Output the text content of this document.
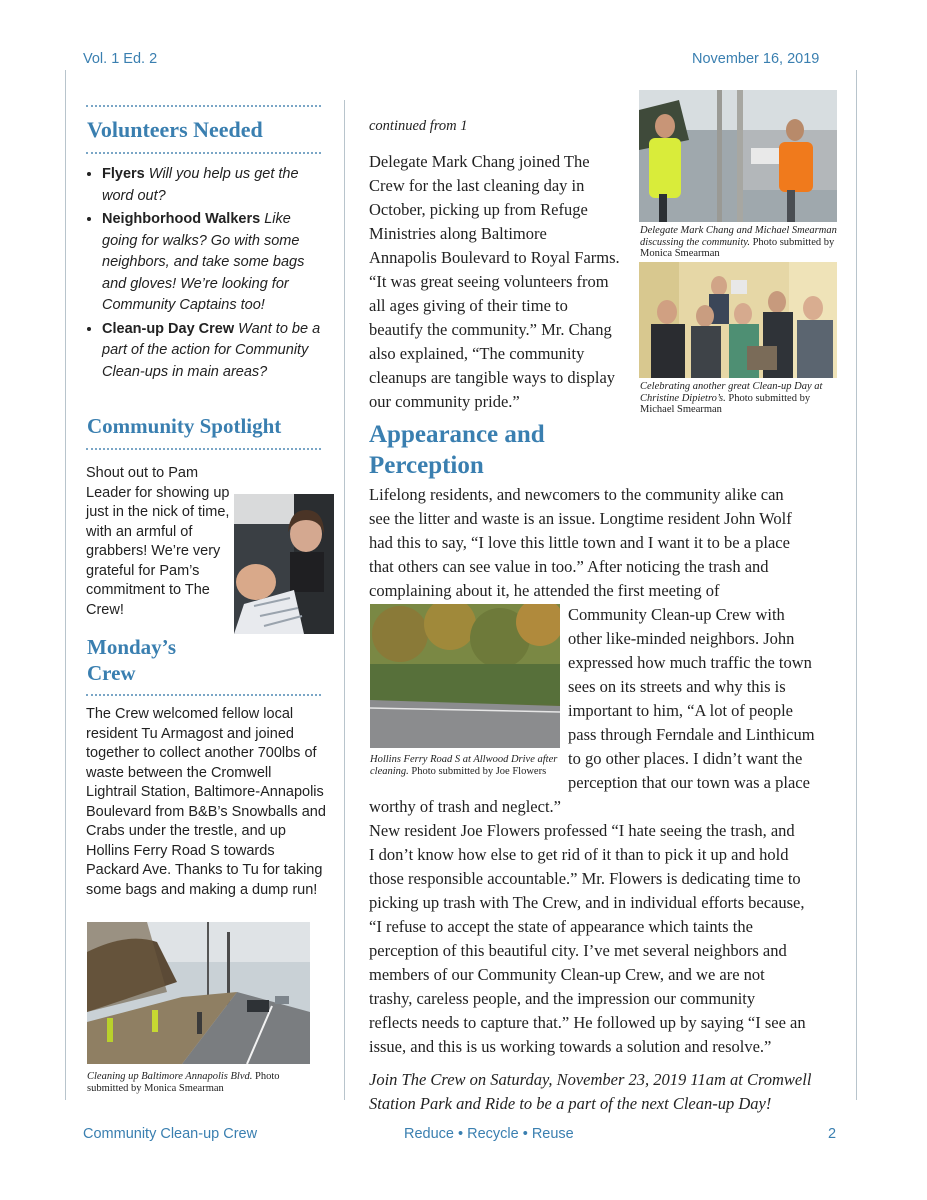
Vol. 1 Ed. 2	November 16, 2019
Volunteers Needed
• Flyers Will you help us get the word out?
• Neighborhood Walkers Like going for walks? Go with some neighbors, and take some bags and gloves! We’re looking for Community Captains too!
• Clean-up Day Crew Want to be a part of the action for Community Clean-ups in main areas?
Community Spotlight

Shout out to Pam Leader for showing up just in the nick of time, with an armful of grabbers! We’re very grateful for Pam’s commitment to The Crew!

Monday’s
Crew

The Crew welcomed fellow local resident Tu Armagost and joined together to collect another 700lbs of waste between the Cromwell Lightrail Station, Baltimore-Annapolis Boulevard from B&B’s Snowballs and Crabs under the trestle, and up Hollins Ferry Road S towards Packard Ave. Thanks to Tu for taking some bags and making a dump run!

Cleaning up Baltimore Annapolis Blvd. Photo submitted by Monica Smearman

continued from 1

Delegate Mark Chang joined The

Crew for the last cleaning day in

October, picking up from Refuge

Ministries along Baltimore

Annapolis Boulevard to Royal Farms.

“It was great seeing volunteers from

all ages giving of their time to

beautify the community.” Mr. Chang

also explained, “The community

cleanups are tangible ways to display

our community pride.”

Delegate Mark Chang and Michael Smearman discussing the community. Photo submitted by Monica Smearman

Celebrating another great Clean-up Day at Christine Dipietro’s. Photo submitted by Michael Smearman

Appearance and
Perception

Lifelong residents, and newcomers to the community alike can

see the litter and waste is an issue. Longtime resident John Wolf

had this to say, “I love this little town and I want it to be a place

that others can see value in too.” After noticing the trash and

complaining about it, he attended the first meeting of

Hollins Ferry Road S at Allwood Drive after cleaning. Photo submitted by Joe Flowers

Community Clean-up Crew with

other like-minded neighbors. John

expressed how much traffic the town

sees on its streets and why this is

important to him, “A lot of people

pass through Ferndale and Linthicum

to go other places. I didn’t want the

perception that our town was a place

worthy of trash and neglect.”

New resident Joe Flowers professed “I hate seeing the trash, and

I don’t know how else to get rid of it than to pick it up and hold

those responsible accountable.” Mr. Flowers is dedicating time to

picking up trash with The Crew, and in individual efforts because,

“I refuse to accept the state of appearance which taints the

perception of this beautiful city. I’ve met several neighbors and

members of our Community Clean-up Crew, and we are not

trashy, careless people, and the impression our community

reflects needs to capture that.” He followed up by saying “I see an

issue, and this is us working towards a solution and resolve.”

Join The Crew on Saturday, November 23, 2019 11am at Cromwell

Station Park and Ride to be a part of the next Clean-up Day!

Community Clean-up Crew	Reduce • Recycle • Reuse	2
